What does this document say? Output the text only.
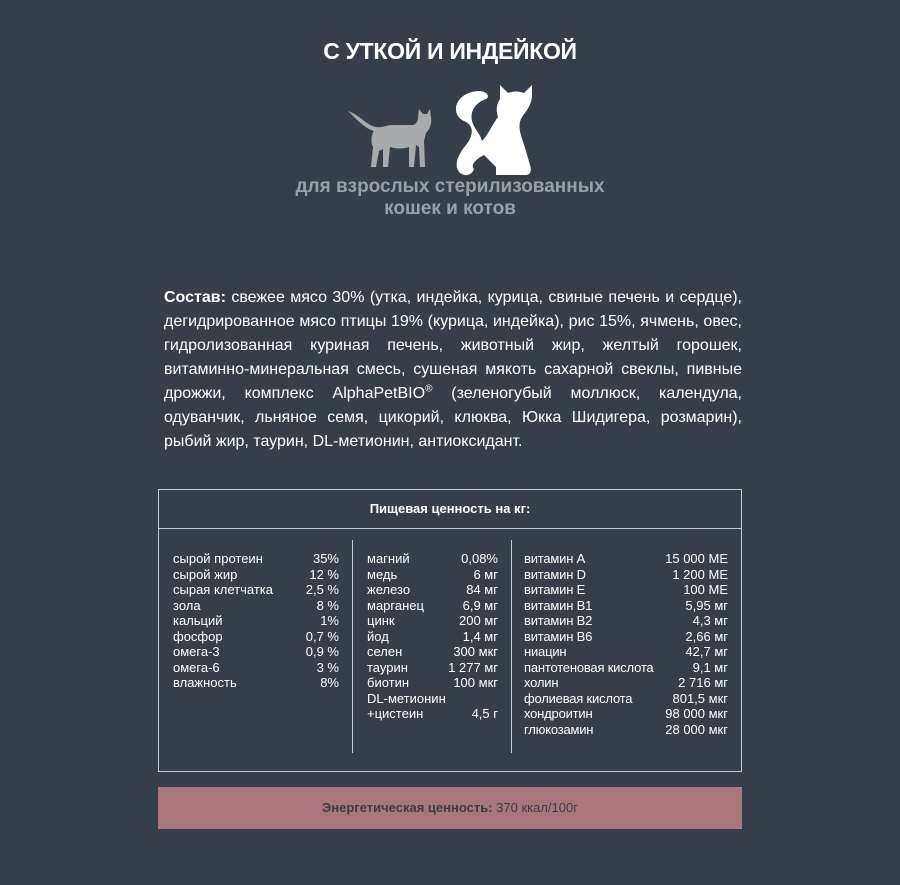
С УТКОЙ И ИНДЕЙКОЙ
для взрослых стерилизованных
кошек и котов

Состав: свежее мясо 30% (утка, индейка, курица, свиные печень и сердце), дегидрированное мясо птицы 19% (курица, индейка), рис 15%, ячмень, овес, гидролизованная куриная печень, животный жир, желтый горошек, витаминно-минеральная смесь, сушеная мякоть сахарной свеклы, пивные дрожжи, комплекс AlphaPetBIO® (зеленогубый моллюск, календула, одуванчик, льняное семя, цикорий, клюква, Юкка Шидигера, розмарин), рыбий жир, таурин, DL-метионин, антиоксидант.

Пищевая ценность на кг:
сырой протеин	35%
сырой жир	12 %
сырая клетчатка	2,5 %
зола	8 %
кальций	1%
фосфор	0,7 %
омега-3	0,9 %
омега-6	3 %
влажность	8%
магний	0,08%
медь	6 мг
железо	84 мг
марганец	6,9 мг
цинк	200 мг
йод	1,4 мг
селен	300 мкг
таурин	1 277 мг
биотин	100 мкг
DL-метионин
+цистеин	4,5 г
витамин А	15 000 МЕ
витамин D	1 200 МЕ
витамин Е	100 МЕ
витамин В1	5,95 мг
витамин В2	4,3 мг
витамин В6	2,66 мг
ниацин	42,7 мг
пантотеновая кислота	9,1 мг
холин	2 716 мг
фолиевая кислота	801,5 мкг
хондроитин	98 000 мкг
глюкозамин	28 000 мкг
Энергетическая ценность: 370 ккал/100г
